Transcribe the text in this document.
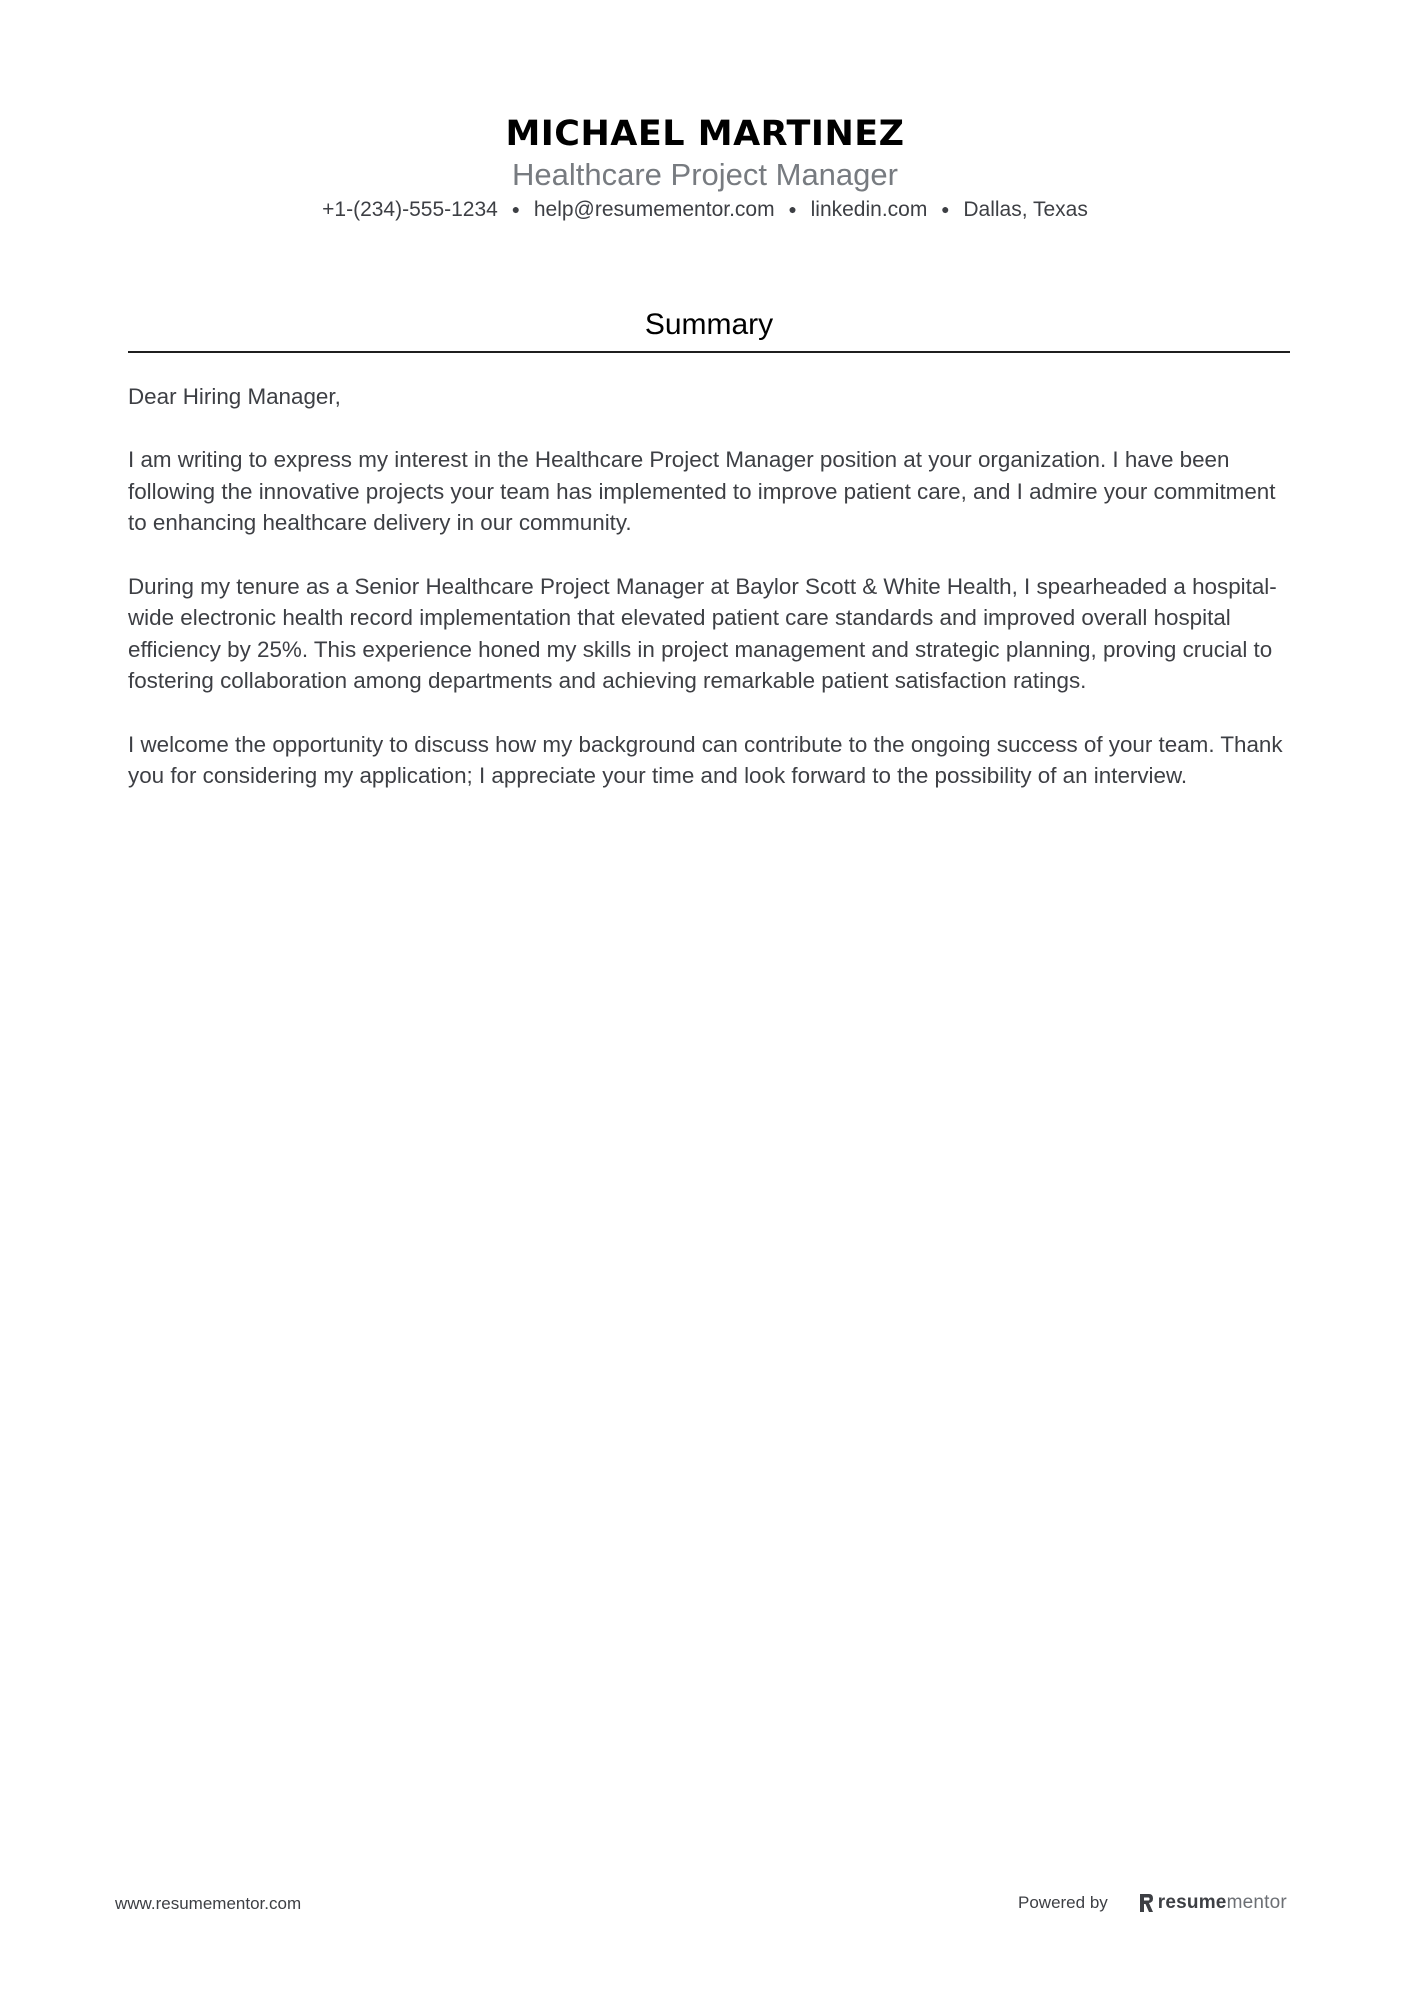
MICHAEL MARTINEZ
Healthcare Project Manager
+1-(234)-555-1234 ● help@resumementor.com ● linkedin.com ● Dallas, Texas
Summary

Dear Hiring Manager,

I am writing to express my interest in the Healthcare Project Manager position at your organization. I have been following the innovative projects your team has implemented to improve patient care, and I admire your commitment to enhancing healthcare delivery in our community.

During my tenure as a Senior Healthcare Project Manager at Baylor Scott & White Health, I spearheaded a hospital-wide electronic health record implementation that elevated patient care standards and improved overall hospital efficiency by 25%. This experience honed my skills in project management and strategic planning, proving crucial to fostering collaboration among departments and achieving remarkable patient satisfaction ratings.

I welcome the opportunity to discuss how my background can contribute to the ongoing success of your team. Thank you for considering my application; I appreciate your time and look forward to the possibility of an interview.

www.resumementor.com	Powered by	resumementor
